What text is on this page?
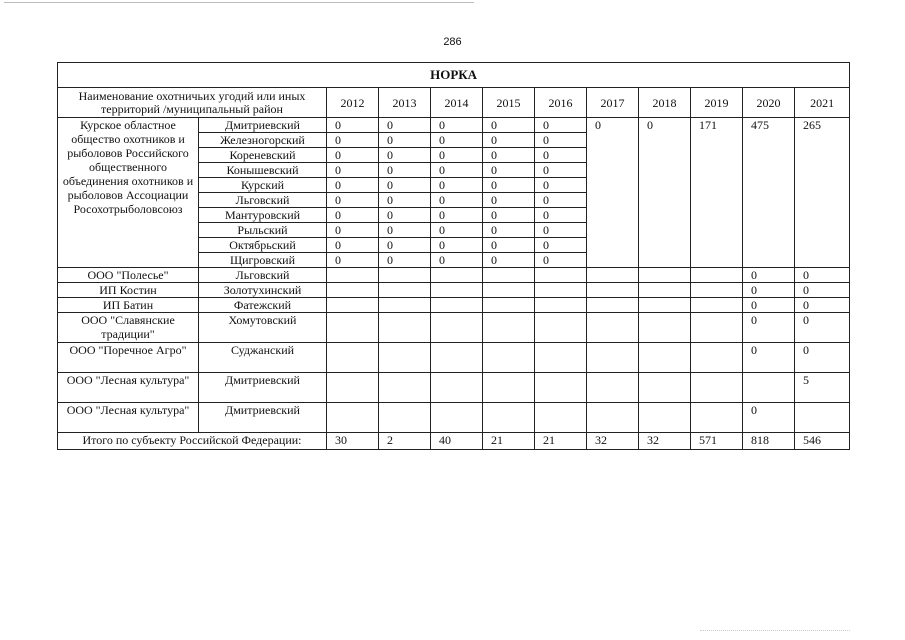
286
НОРКА											
Наименование охотничьих угодий или иных территорий /муниципальный район		2012	2013	2014	2015	2016	2017	2018	2019	2020	2021
Курское областное общество охотников и рыболовов Российского общественного объединения охотников и рыболовов Ассоциации Росохотрыболовсоюз	Дмитриевский	0	0	0	0	0	0	0	171	475	265
	Железногорский	0	0	0	0	0					
	Кореневский	0	0	0	0	0					
	Конышевский	0	0	0	0	0					
	Курский	0	0	0	0	0					
	Льговский	0	0	0	0	0					
	Мантуровский	0	0	0	0	0					
	Рыльский	0	0	0	0	0					
	Октябрьский	0	0	0	0	0					
	Щигровский	0	0	0	0	0					
ООО "Полесье"	Льговский									0	0
ИП Костин	Золотухинский									0	0
ИП Батин	Фатежский									0	0
ООО "Славянские традиции"	Хомутовский									0	0
ООО "Поречное Агро"	Суджанский									0	0
ООО "Лесная культура"	Дмитриевский										5
ООО "Лесная культура"	Дмитриевский									0	
Итого по субъекту Российской Федерации:		30	2	40	21	21	32	32	571	818	546
